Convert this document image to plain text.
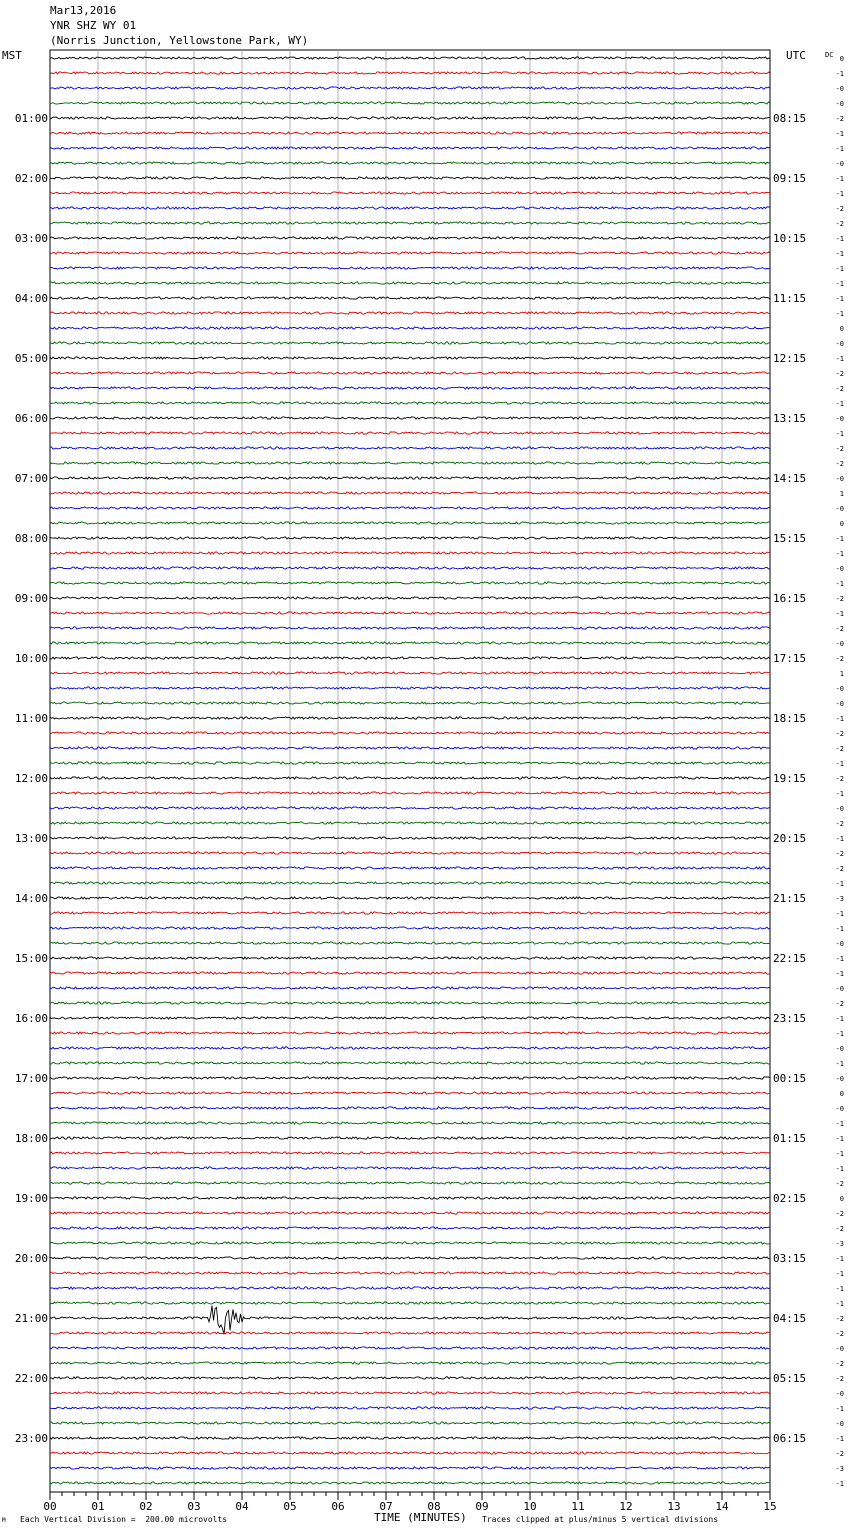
Mar13,2016
YNR SHZ WY 01
(Norris Junction, Yellowstone Park, WY)
MST	UTC	DC 0
-1
-0
-0
-2
-1
-1
-0
-1
-1
-2
-2
-1
-1
-1
-1
-1
-1
0
-0
-1
-2
-2
-1
-0
-1
-2
-2
-0
1
-0
0
-1
-1
-0
-1
-2
-1
-2
-0
-2
1
-0
-0
-1
-2
-2
-1
-2
-1
-0
-2
-1
-2
-2
-1
-3
-1
-1
-0
-1
-1
-0
-2
-1
-1
-0
-1
-0
0
-0
-1
-1
-1
-1
-2
0
-2
-2
-3
-1
-1
-1
-1
-2
-2
-0
-2
-2
-0
-1
-0
-1
-2
-3
-1
01:00
02:00
03:00
04:00
05:00
06:00
07:00
08:00
09:00
10:00
11:00
12:00
13:00
14:00
15:00
16:00
17:00
18:00
19:00
20:00
21:00
22:00
23:00
08:15
09:15
10:15
11:15
12:15
13:15
14:15
15:15
16:15
17:15
18:15
19:15
20:15
21:15
22:15
23:15
00:15
01:15
02:15
03:15
04:15
05:15
06:15
00	01	02	03	04	05	06	07	08	09	10	11	12	13	14	15
M Each Vertical Division =  200.00 microvolts	TIME (MINUTES) Traces clipped at plus/minus 5 vertical divisions
